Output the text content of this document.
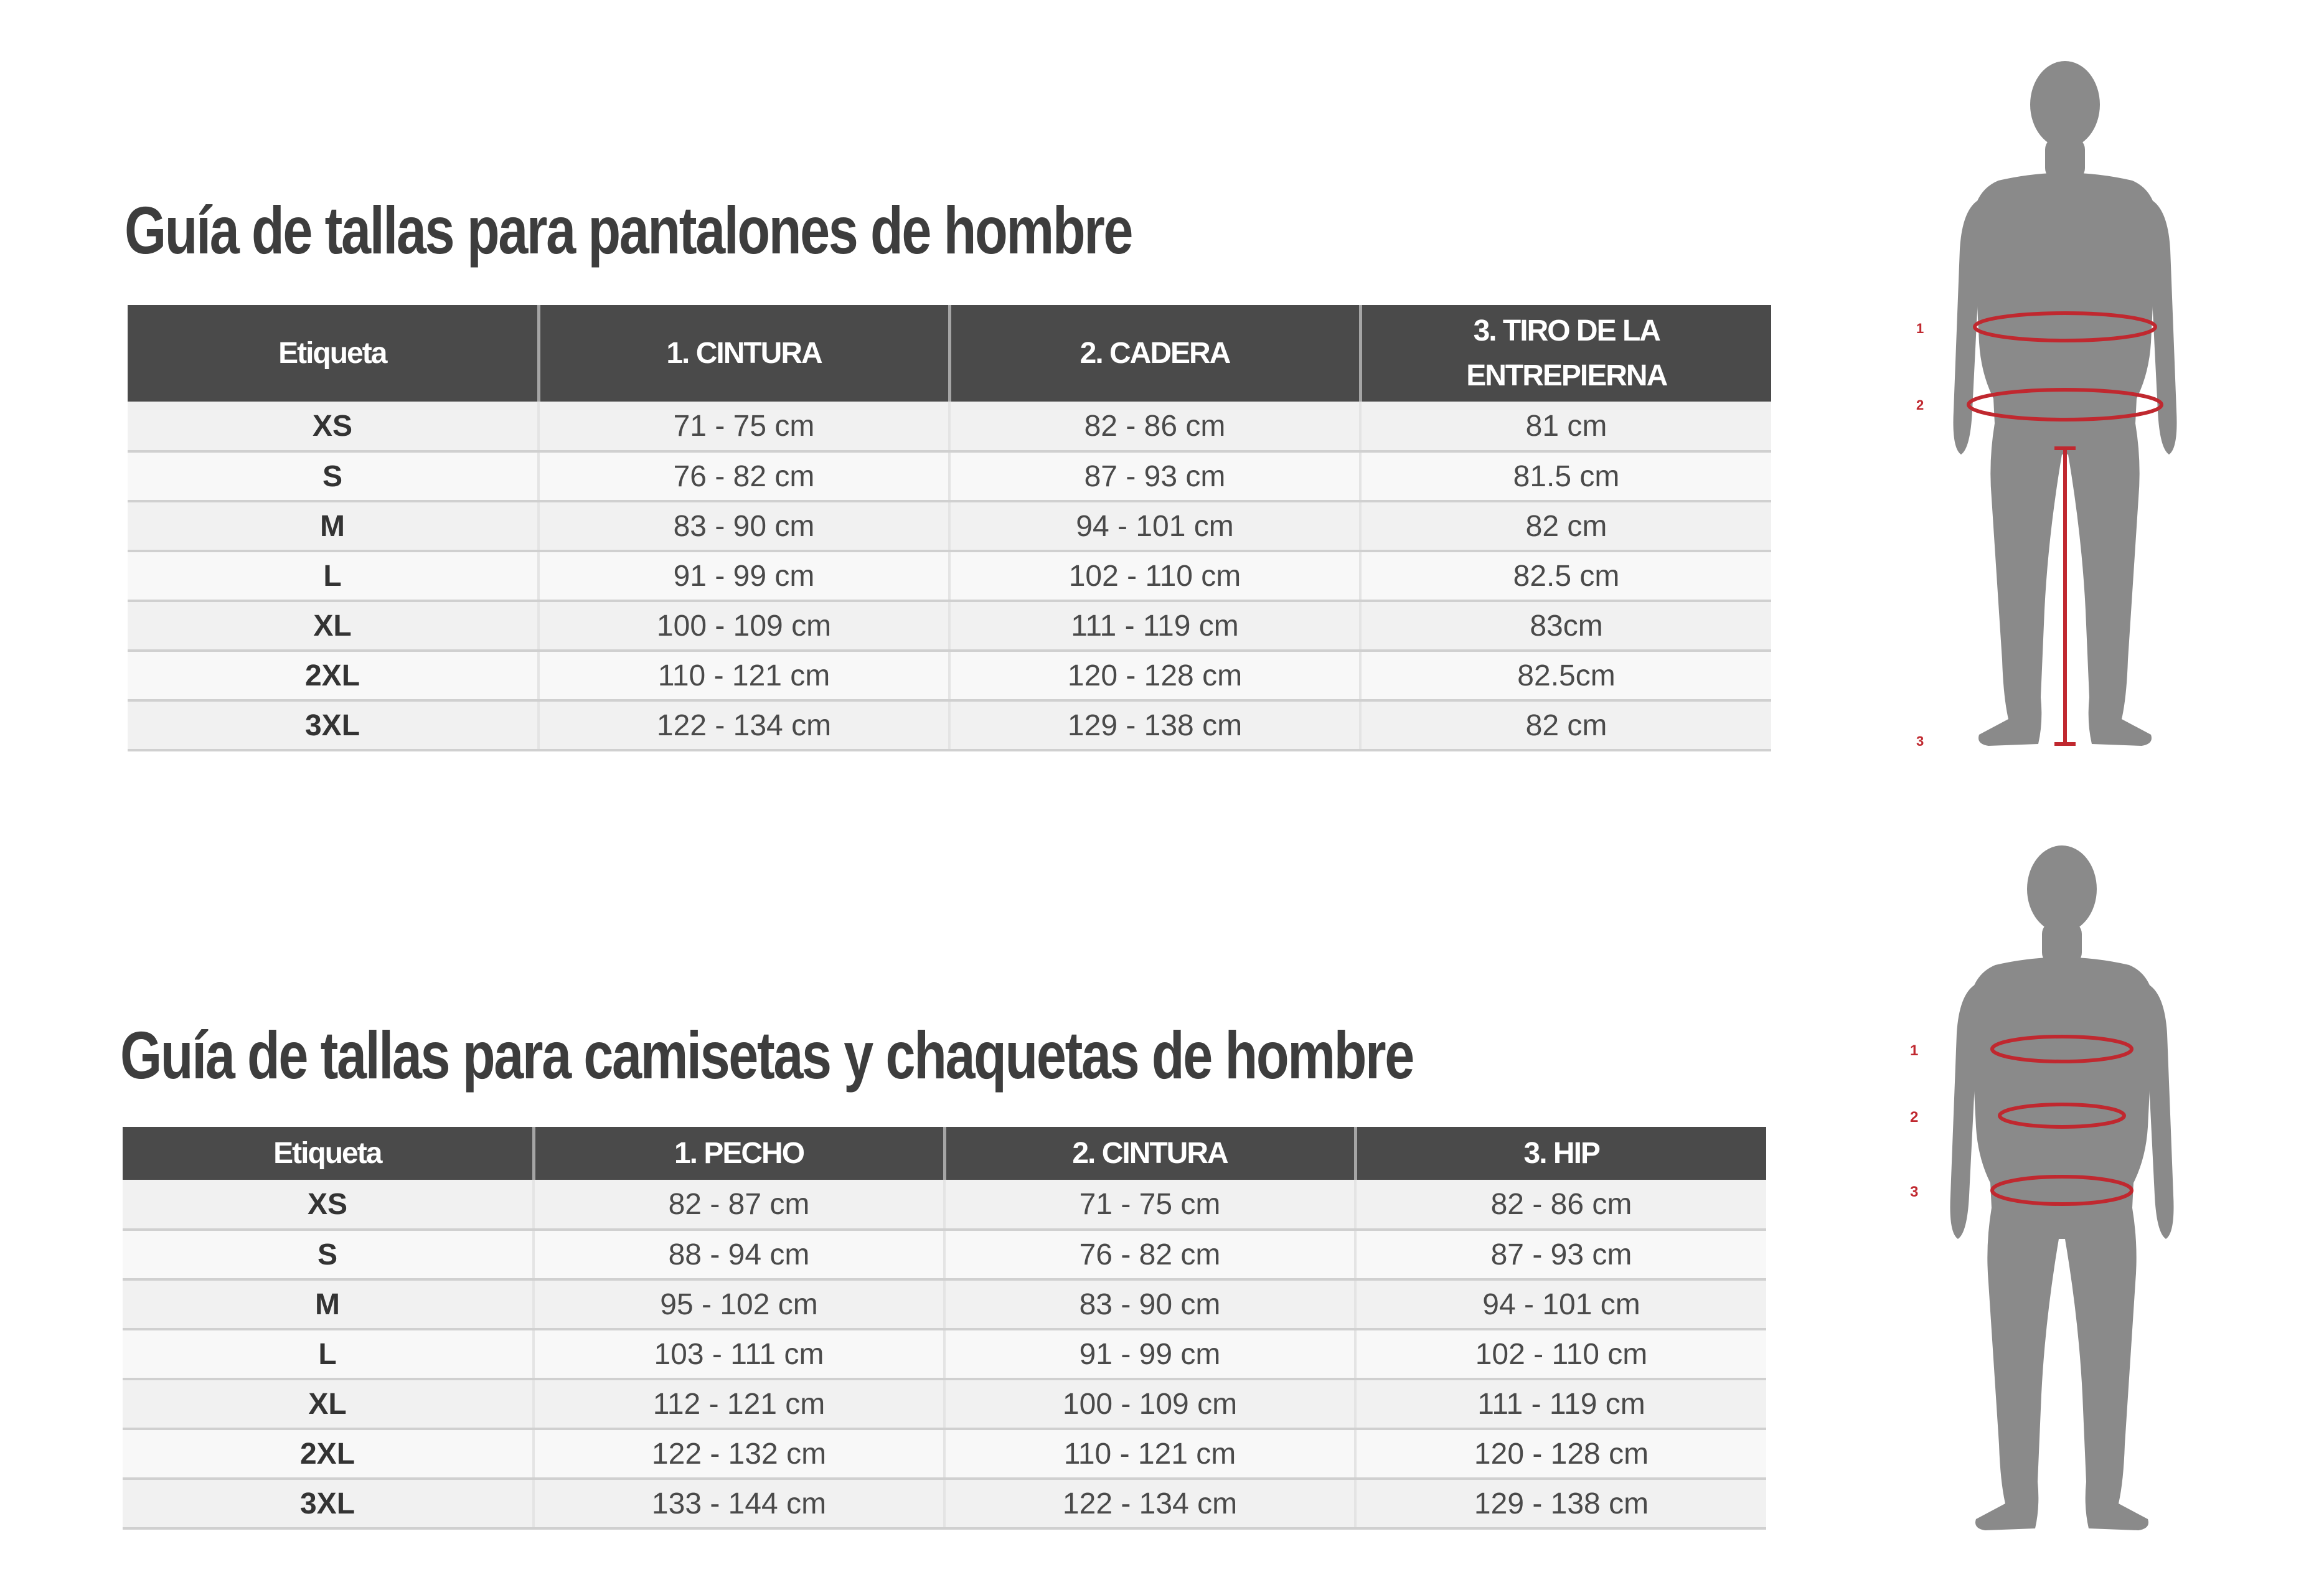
Guía de tallas para pantalones de hombre
Etiqueta	1. CINTURA	2. CADERA	3. TIRO DE LA ENTREPIERNA
XS	71 - 75 cm	82 - 86 cm	81 cm
S	76 - 82 cm	87 - 93 cm	81.5 cm
M	83 - 90 cm	94 - 101 cm	82 cm
L	91 - 99 cm	102 - 110 cm	82.5 cm
XL	100 - 109 cm	111 - 119 cm	83cm
2XL	110 - 121 cm	120 - 128 cm	82.5cm
3XL	122 - 134 cm	129 - 138 cm	82 cm
1
2
3
Guía de tallas para camisetas y chaquetas de hombre
Etiqueta	1. PECHO	2. CINTURA	3. HIP
XS	82 - 87 cm	71 - 75 cm	82 - 86 cm
S	88 - 94 cm	76 - 82 cm	87 - 93 cm
M	95 - 102 cm	83 - 90 cm	94 - 101 cm
L	103 - 111 cm	91 - 99 cm	102 - 110 cm
XL	112 - 121 cm	100 - 109 cm	111 - 119 cm
2XL	122 - 132 cm	110 - 121 cm	120 - 128 cm
3XL	133 - 144 cm	122 - 134 cm	129 - 138 cm
1
2
3
